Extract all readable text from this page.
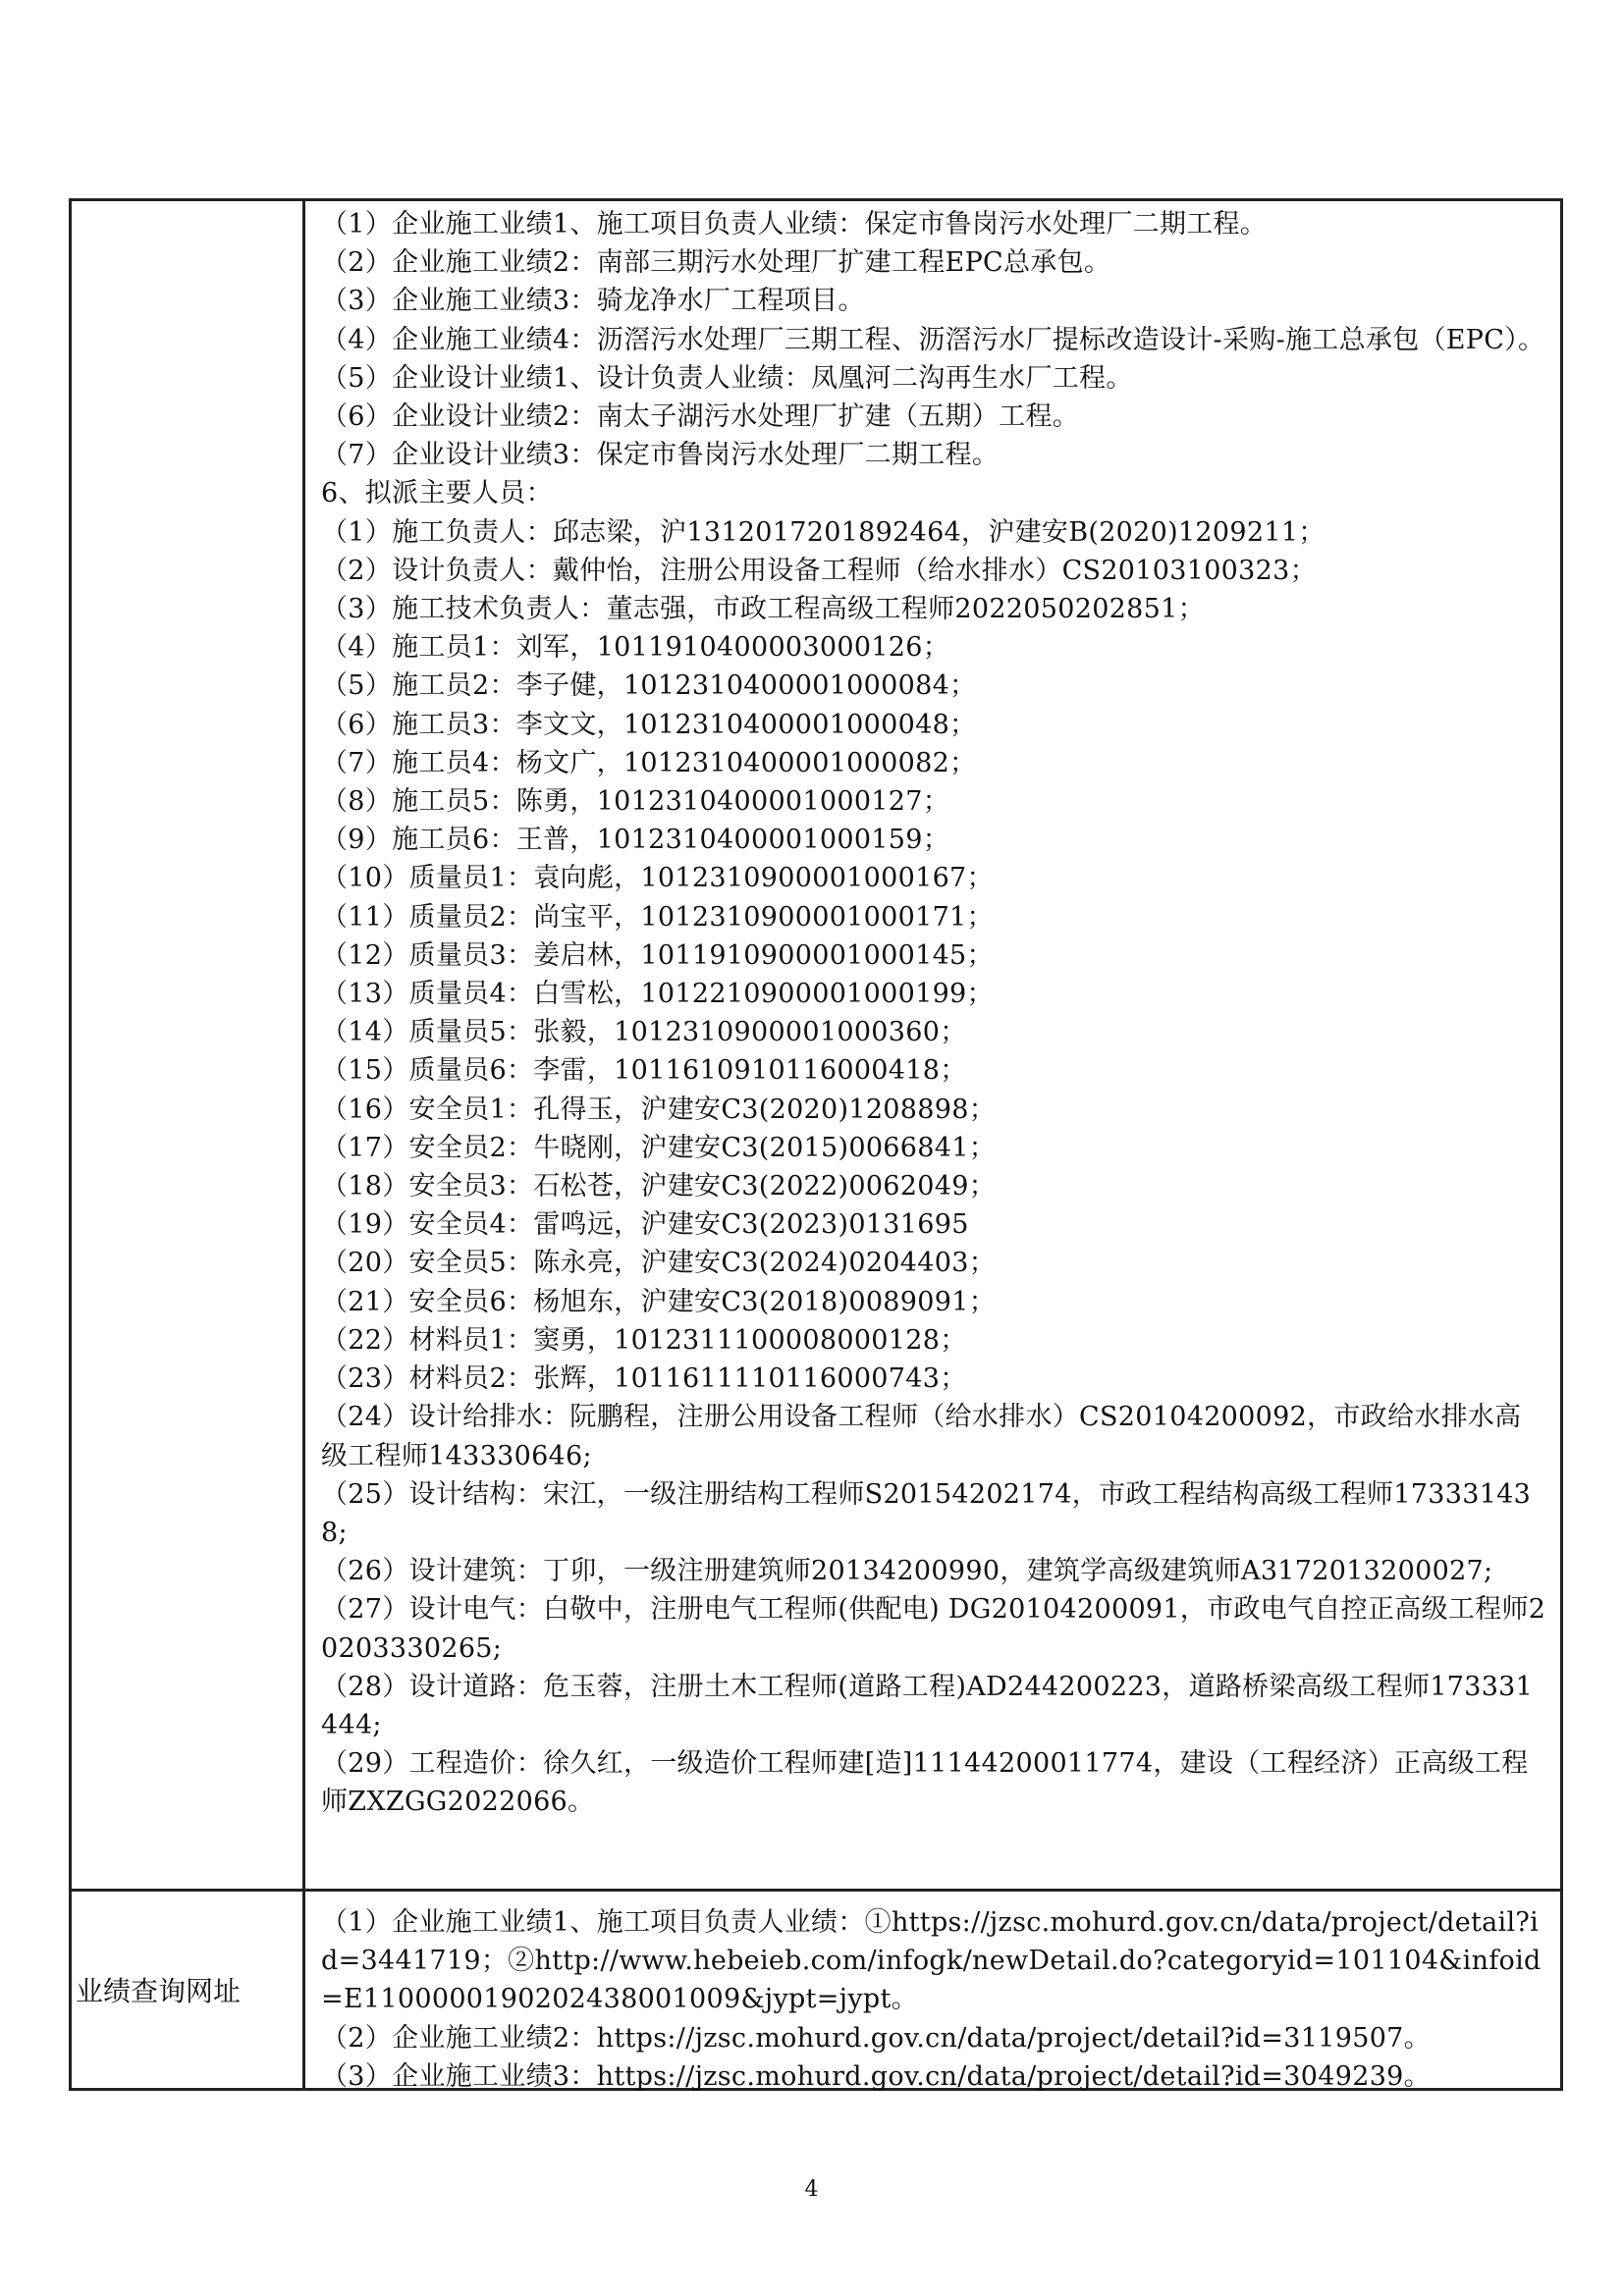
（1）企业施工业绩1、施工项目负责人业绩：保定市鲁岗污水处理厂二期工程。
（2）企业施工业绩2：南部三期污水处理厂扩建工程EPC总承包。
（3）企业施工业绩3：骑龙净水厂工程项目。
（4）企业施工业绩4：沥滘污水处理厂三期工程、沥滘污水厂提标改造设计-采购-施工总承包（EPC）。
（5）企业设计业绩1、设计负责人业绩：凤凰河二沟再生水厂工程。
（6）企业设计业绩2：南太子湖污水处理厂扩建（五期）工程。
（7）企业设计业绩3：保定市鲁岗污水处理厂二期工程。
6、拟派主要人员：
（1）施工负责人：邱志梁，沪1312017201892464，沪建安B(2020)1209211；
（2）设计负责人：戴仲怡，注册公用设备工程师（给水排水）CS20103100323；
（3）施工技术负责人：董志强，市政工程高级工程师2022050202851；
（4）施工员1：刘军，1011910400003000126；
（5）施工员2：李子健，1012310400001000084；
（6）施工员3：李文文，1012310400001000048；
（7）施工员4：杨文广，1012310400001000082；
（8）施工员5：陈勇，1012310400001000127；
（9）施工员6：王普，1012310400001000159；
（10）质量员1：袁向彪，1012310900001000167；
（11）质量员2：尚宝平，1012310900001000171；
（12）质量员3：姜启林，1011910900001000145；
（13）质量员4：白雪松，1012210900001000199；
（14）质量员5：张毅，1012310900001000360；
（15）质量员6：李雷，1011610910116000418；
（16）安全员1：孔得玉，沪建安C3(2020)1208898；
（17）安全员2：牛晓刚，沪建安C3(2015)0066841；
（18）安全员3：石松苍，沪建安C3(2022)0062049；
（19）安全员4：雷鸣远，沪建安C3(2023)0131695
（20）安全员5：陈永亮，沪建安C3(2024)0204403；
（21）安全员6：杨旭东，沪建安C3(2018)0089091；
（22）材料员1：窦勇，1012311100008000128；
（23）材料员2：张辉，1011611110116000743；
（24）设计给排水：阮鹏程，注册公用设备工程师（给水排水）CS20104200092，市政给水排水高级工程师143330646;
（25）设计结构：宋江，一级注册结构工程师S20154202174，市政工程结构高级工程师173331438;
（26）设计建筑：丁卯，一级注册建筑师20134200990，建筑学高级建筑师A3172013200027;
（27）设计电气：白敬中，注册电气工程师(供配电) DG20104200091，市政电气自控正高级工程师20203330265;
（28）设计道路：危玉蓉，注册土木工程师(道路工程)AD244200223，道路桥梁高级工程师173331444;
（29）工程造价：徐久红，一级造价工程师建[造]11144200011774，建设（工程经济）正高级工程师ZXZGG2022066。
业绩查询网址
（1）企业施工业绩1、施工项目负责人业绩：①https://jzsc.mohurd.gov.cn/data/project/detail?id=3441719；②http://www.hebeieb.com/infogk/newDetail.do?categoryid=101104&infoid=E1100000190202438001009&jypt=jypt。
（2）企业施工业绩2：https://jzsc.mohurd.gov.cn/data/project/detail?id=3119507。
（3）企业施工业绩3：https://jzsc.mohurd.gov.cn/data/project/detail?id=3049239。
4
